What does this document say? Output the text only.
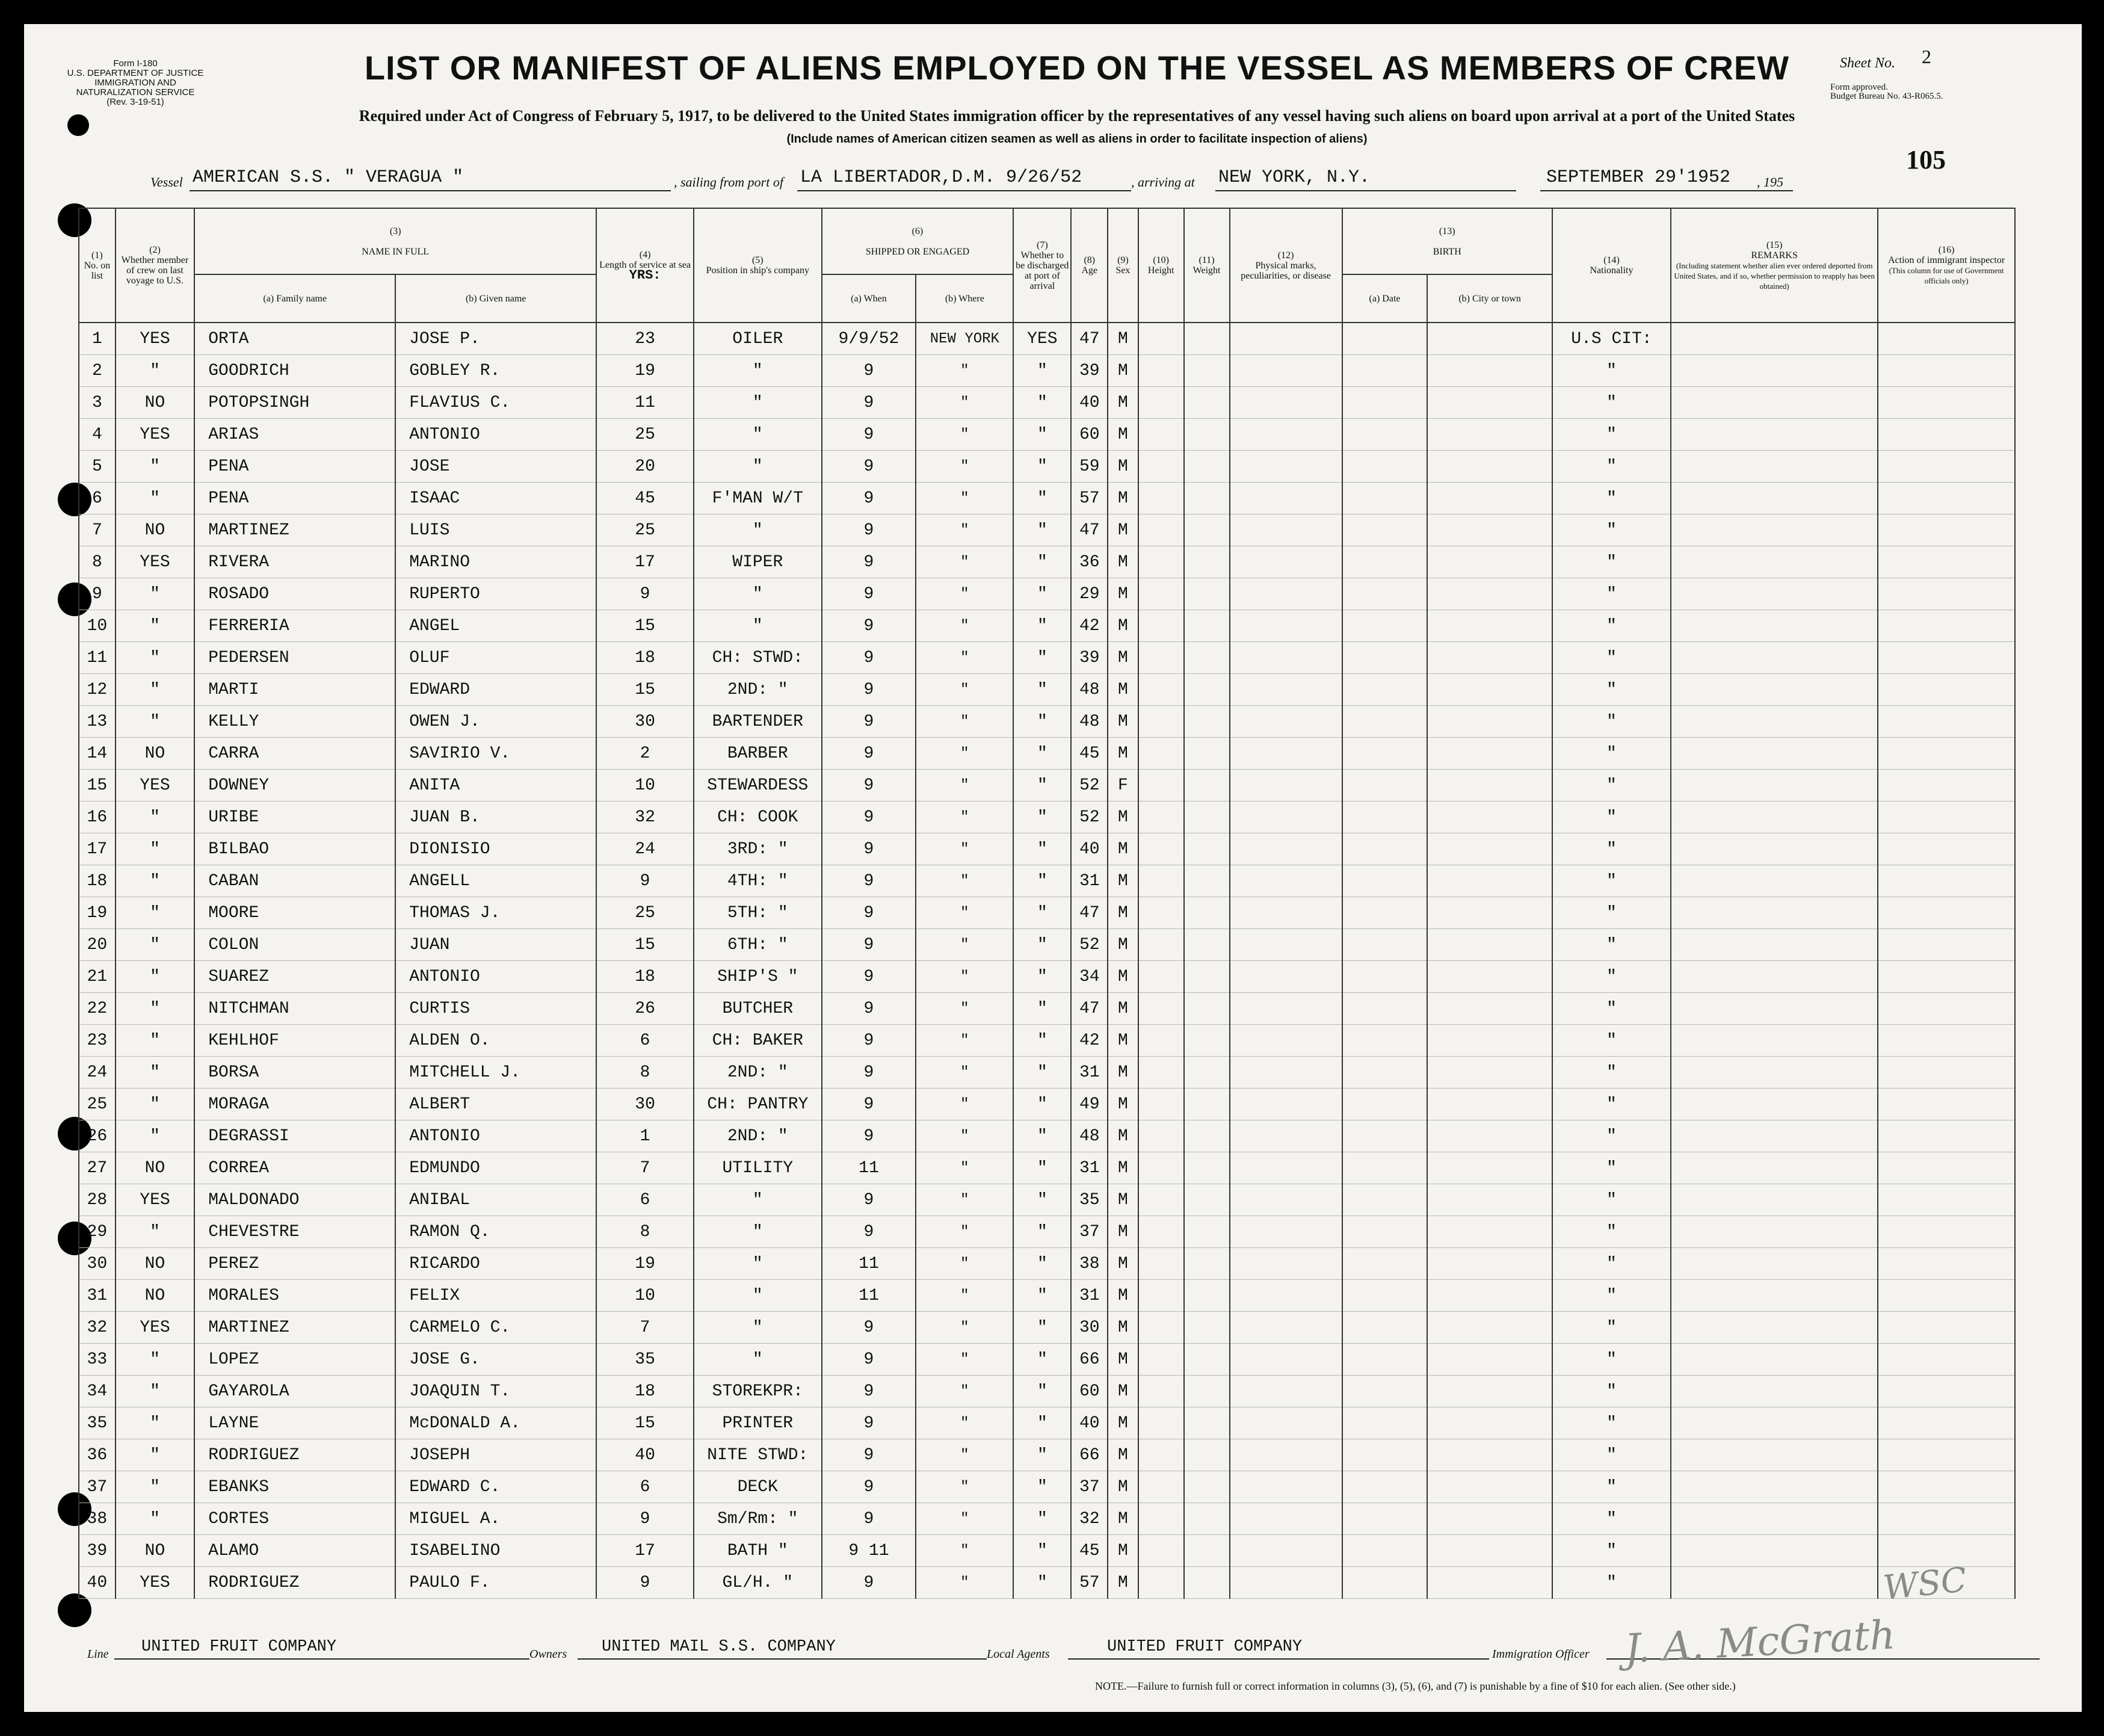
Form I-180
U.S. DEPARTMENT OF JUSTICE
IMMIGRATION AND NATURALIZATION SERVICE
(Rev. 3-19-51)
LIST OR MANIFEST OF ALIENS EMPLOYED ON THE VESSEL AS MEMBERS OF CREW
Required under Act of Congress of February 5, 1917, to be delivered to the United States immigration officer by the representatives of any vessel having such aliens on board upon arrival at a port of the United States
(Include names of American citizen seamen as well as aliens in order to facilitate inspection of aliens)
Sheet No. 2
Form approved.
Budget Bureau No. 43-R065.5.
105
Vessel AMERICAN S.S. " VERAGUA "	, sailing from port of LA LIBERTADOR,D.M. 9/26/52	, arriving at NEW YORK, N.Y.	SEPTEMBER 29'1952 , 195
(1)
No. on list	(2)
Whether member of crew on last voyage to U.S.	(3)

NAME IN FULL		(4)
Length of service at sea
YRS:	(5)
Position in ship's company	(6)

SHIPPED OR ENGAGED		(7)
Whether to be discharged at port of arrival	(8)
Age	(9)
Sex	(10)
Height	(11)
Weight	(12)
Physical marks, peculiarities, or disease	(13)

BIRTH		(14)
Nationality	(15)
REMARKS
(Including statement whether alien ever ordered deported from United States, and if so, whether permission to reapply has been obtained)	(16)
Action of immigrant inspector
(This column for use of Government officials only)
		(a) Family name	(b) Given name			(a) When	(b) Where							(a) Date	(b) City or town			
1	YES	ORTA	JOSE P.	23	OILER	9/9/52	NEW YORK	YES	47	M						U.S CIT:		
2	"	GOODRICH	GOBLEY R.	19	"	9	"	"	39	M						"		
3	NO	POTOPSINGH	FLAVIUS C.	11	"	9	"	"	40	M						"		
4	YES	ARIAS	ANTONIO	25	"	9	"	"	60	M						"		
5	"	PENA	JOSE	20	"	9	"	"	59	M						"		
6	"	PENA	ISAAC	45	F'MAN W/T	9	"	"	57	M						"		
7	NO	MARTINEZ	LUIS	25	"	9	"	"	47	M						"		
8	YES	RIVERA	MARINO	17	WIPER	9	"	"	36	M						"		
9	"	ROSADO	RUPERTO	9	"	9	"	"	29	M						"		
10	"	FERRERIA	ANGEL	15	"	9	"	"	42	M						"		
11	"	PEDERSEN	OLUF	18	CH: STWD:	9	"	"	39	M						"		
12	"	MARTI	EDWARD	15	2ND: "	9	"	"	48	M						"		
13	"	KELLY	OWEN J.	30	BARTENDER	9	"	"	48	M						"		
14	NO	CARRA	SAVIRIO V.	2	BARBER	9	"	"	45	M						"		
15	YES	DOWNEY	ANITA	10	STEWARDESS	9	"	"	52	F						"		
16	"	URIBE	JUAN B.	32	CH: COOK	9	"	"	52	M						"		
17	"	BILBAO	DIONISIO	24	3RD: "	9	"	"	40	M						"		
18	"	CABAN	ANGELL	9	4TH: "	9	"	"	31	M						"		
19	"	MOORE	THOMAS J.	25	5TH: "	9	"	"	47	M						"		
20	"	COLON	JUAN	15	6TH: "	9	"	"	52	M						"		
21	"	SUAREZ	ANTONIO	18	SHIP'S "	9	"	"	34	M						"		
22	"	NITCHMAN	CURTIS	26	BUTCHER	9	"	"	47	M						"		
23	"	KEHLHOF	ALDEN O.	6	CH: BAKER	9	"	"	42	M						"		
24	"	BORSA	MITCHELL J.	8	2ND: "	9	"	"	31	M						"		
25	"	MORAGA	ALBERT	30	CH: PANTRY	9	"	"	49	M						"		
26	"	DEGRASSI	ANTONIO	1	2ND: "	9	"	"	48	M						"		
27	NO	CORREA	EDMUNDO	7	UTILITY	11	"	"	31	M						"		
28	YES	MALDONADO	ANIBAL	6	"	9	"	"	35	M						"		
29	"	CHEVESTRE	RAMON Q.	8	"	9	"	"	37	M						"		
30	NO	PEREZ	RICARDO	19	"	11	"	"	38	M						"		
31	NO	MORALES	FELIX	10	"	11	"	"	31	M						"		
32	YES	MARTINEZ	CARMELO C.	7	"	9	"	"	30	M						"		
33	"	LOPEZ	JOSE G.	35	"	9	"	"	66	M						"		
34	"	GAYAROLA	JOAQUIN T.	18	STOREKPR:	9	"	"	60	M						"		
35	"	LAYNE	McDONALD A.	15	PRINTER	9	"	"	40	M						"		
36	"	RODRIGUEZ	JOSEPH	40	NITE STWD:	9	"	"	66	M						"		
37	"	EBANKS	EDWARD C.	6	DECK	9	"	"	37	M						"		
38	"	CORTES	MIGUEL A.	9	Sm/Rm: "	9	"	"	32	M						"		
39	NO	ALAMO	ISABELINO	17	BATH "	9 11	"	"	45	M						"		
40	YES	RODRIGUEZ	PAULO F.	9	GL/H. "	9	"	"	57	M						"		
Line UNITED FRUIT COMPANY	Owners UNITED MAIL S.S. COMPANY	Local Agents	UNITED FRUIT COMPANY	Immigration Officer
NOTE.—Failure to furnish full or correct information in columns (3), (5), (6), and (7) is punishable by a fine of $10 for each alien. (See other side.)
WSC
J. A. McGrath
